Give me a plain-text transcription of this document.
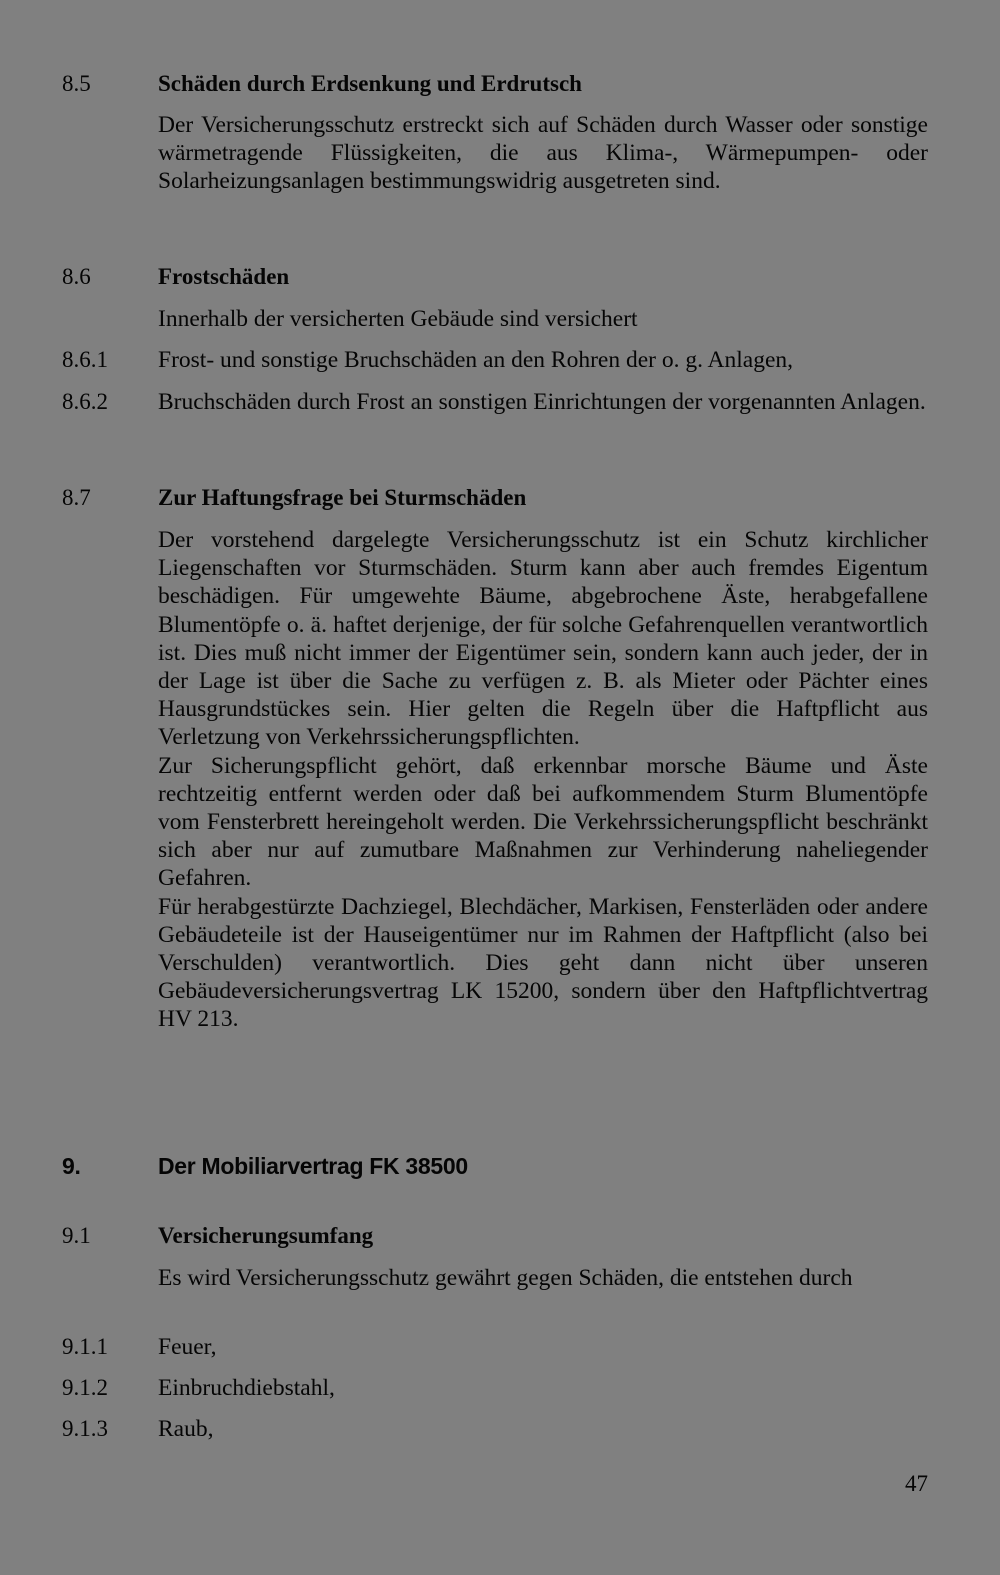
8.5	Schäden durch Erdsenkung und Erdrutsch

Der Versicherungsschutz erstreckt sich auf Schäden durch Wasser oder sonstige wärmetragende Flüssigkeiten, die aus Klima-, Wärmepumpen- oder Solarheizungsanlagen bestimmungswidrig ausgetreten sind.

8.6	Frostschäden
Innerhalb der versicherten Gebäude sind versichert
8.6.1 Frost- und sonstige Bruchschäden an den Rohren der o. g. Anlagen,
8.6.2 Bruchschäden durch Frost an sonstigen Einrichtungen der vorgenannten Anlagen.
8.7	Zur Haftungsfrage bei Sturmschäden

Der vorstehend dargelegte Versicherungsschutz ist ein Schutz kirchlicher Liegenschaften vor Sturmschäden. Sturm kann aber auch fremdes Eigentum beschädigen. Für umgewehte Bäume, abgebrochene Äste, herabgefallene Blumentöpfe o. ä. haftet derjenige, der für solche Gefahrenquellen verantwortlich ist. Dies muß nicht immer der Eigentümer sein, sondern kann auch jeder, der in der Lage ist über die Sache zu verfügen z. B. als Mieter oder Pächter eines Hausgrundstückes sein. Hier gelten die Regeln über die Haftpflicht aus Verletzung von Verkehrssicherungspflichten.

Zur Sicherungspflicht gehört, daß erkennbar morsche Bäume und Äste rechtzeitig entfernt werden oder daß bei aufkommendem Sturm Blumentöpfe vom Fensterbrett hereingeholt werden. Die Verkehrssicherungspflicht beschränkt sich aber nur auf zumutbare Maßnahmen zur Verhinderung naheliegender Gefahren.

Für herabgestürzte Dachziegel, Blechdächer, Markisen, Fensterläden oder andere Gebäudeteile ist der Hauseigentümer nur im Rahmen der Haftpflicht (also bei Verschulden) verantwortlich. Dies geht dann nicht über unseren Gebäudeversicherungsvertrag LK 15200, sondern über den Haftpflichtvertrag HV 213.

9.	Der Mobiliarvertrag FK 38500
9.1	Versicherungsumfang
Es wird Versicherungsschutz gewährt gegen Schäden, die entstehen durch
9.1.1 Feuer,
9.1.2 Einbruchdiebstahl,
9.1.3 Raub,
47
